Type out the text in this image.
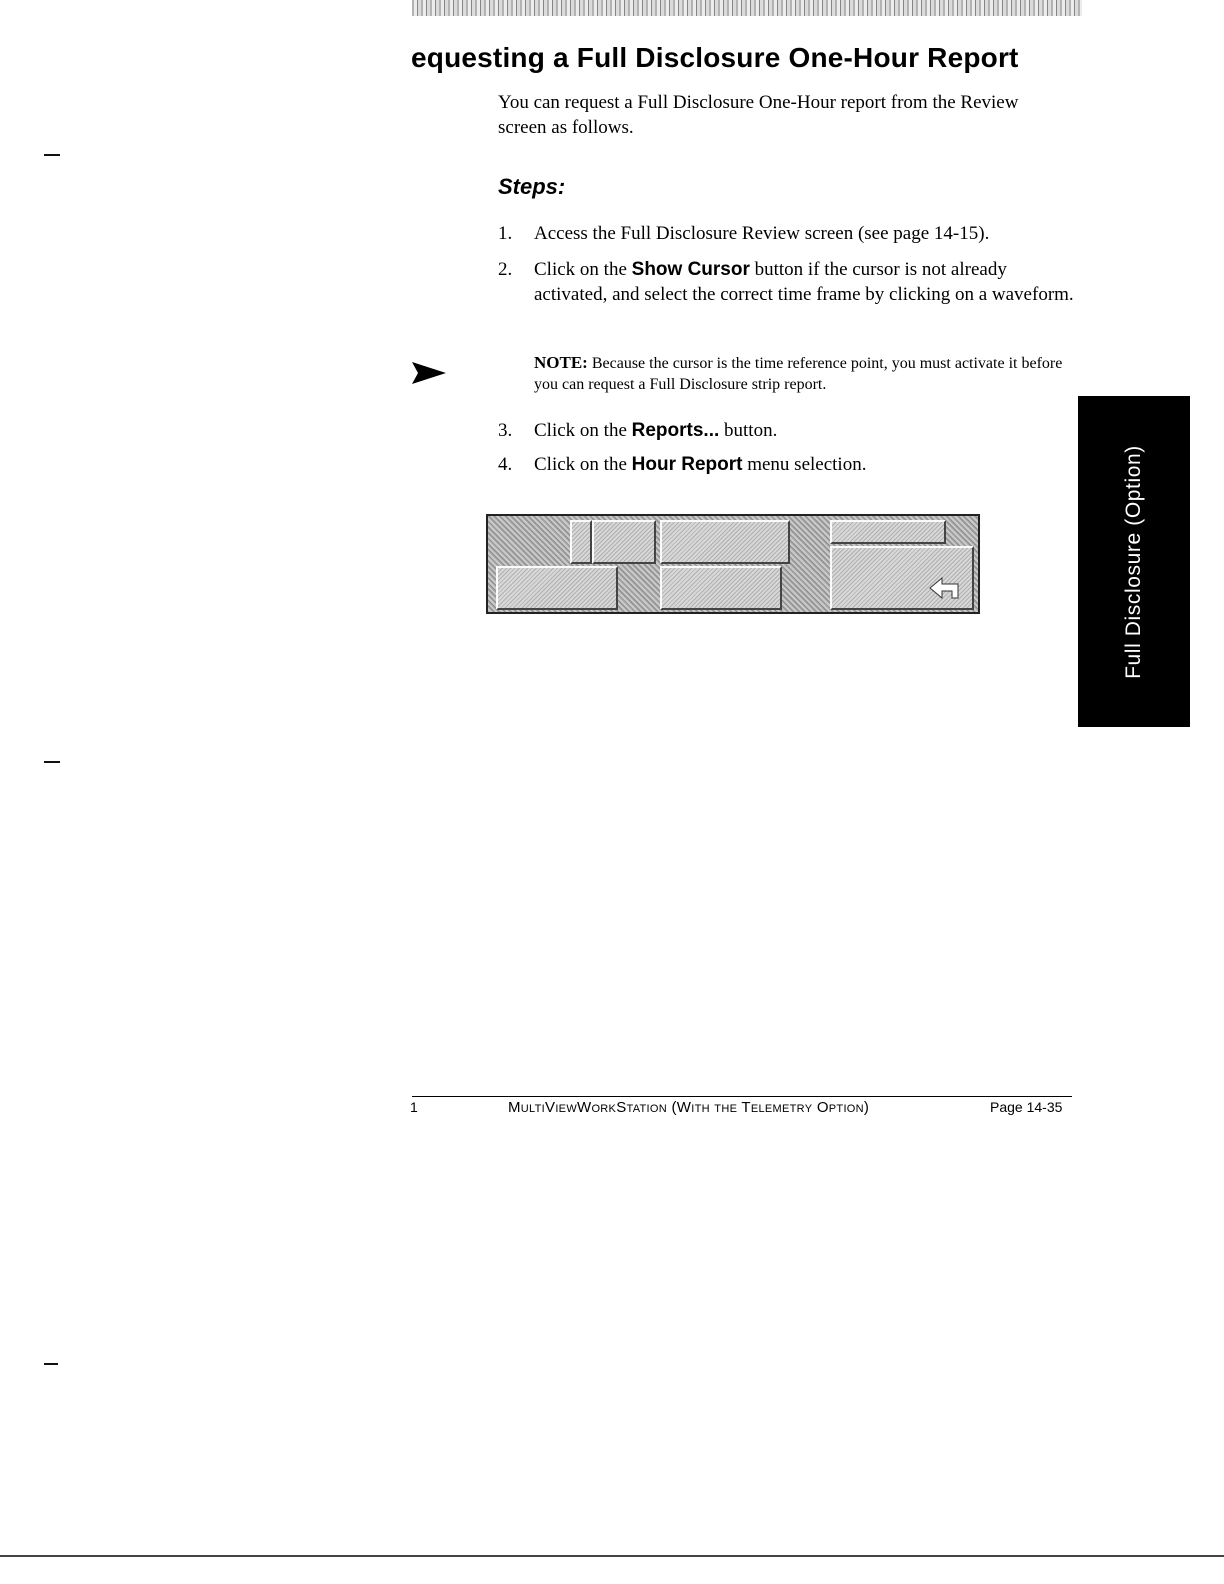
equesting a Full Disclosure One-Hour Report
You can request a Full Disclosure One-Hour report from the Review screen as follows.
Steps:
1.	Access the Full Disclosure Review screen (see page 14-15).
2.	Click on the Show Cursor button if the cursor is not already activated, and select the correct time frame by clicking on a waveform.
NOTE: Because the cursor is the time reference point, you must activate it before you can request a Full Disclosure strip report.
3.	Click on the Reports... button.
4.	Click on the Hour Report menu selection.	Full Disclosure (Option)
1	MultiViewWorkStation (With the Telemetry Option)	Page 14-35
